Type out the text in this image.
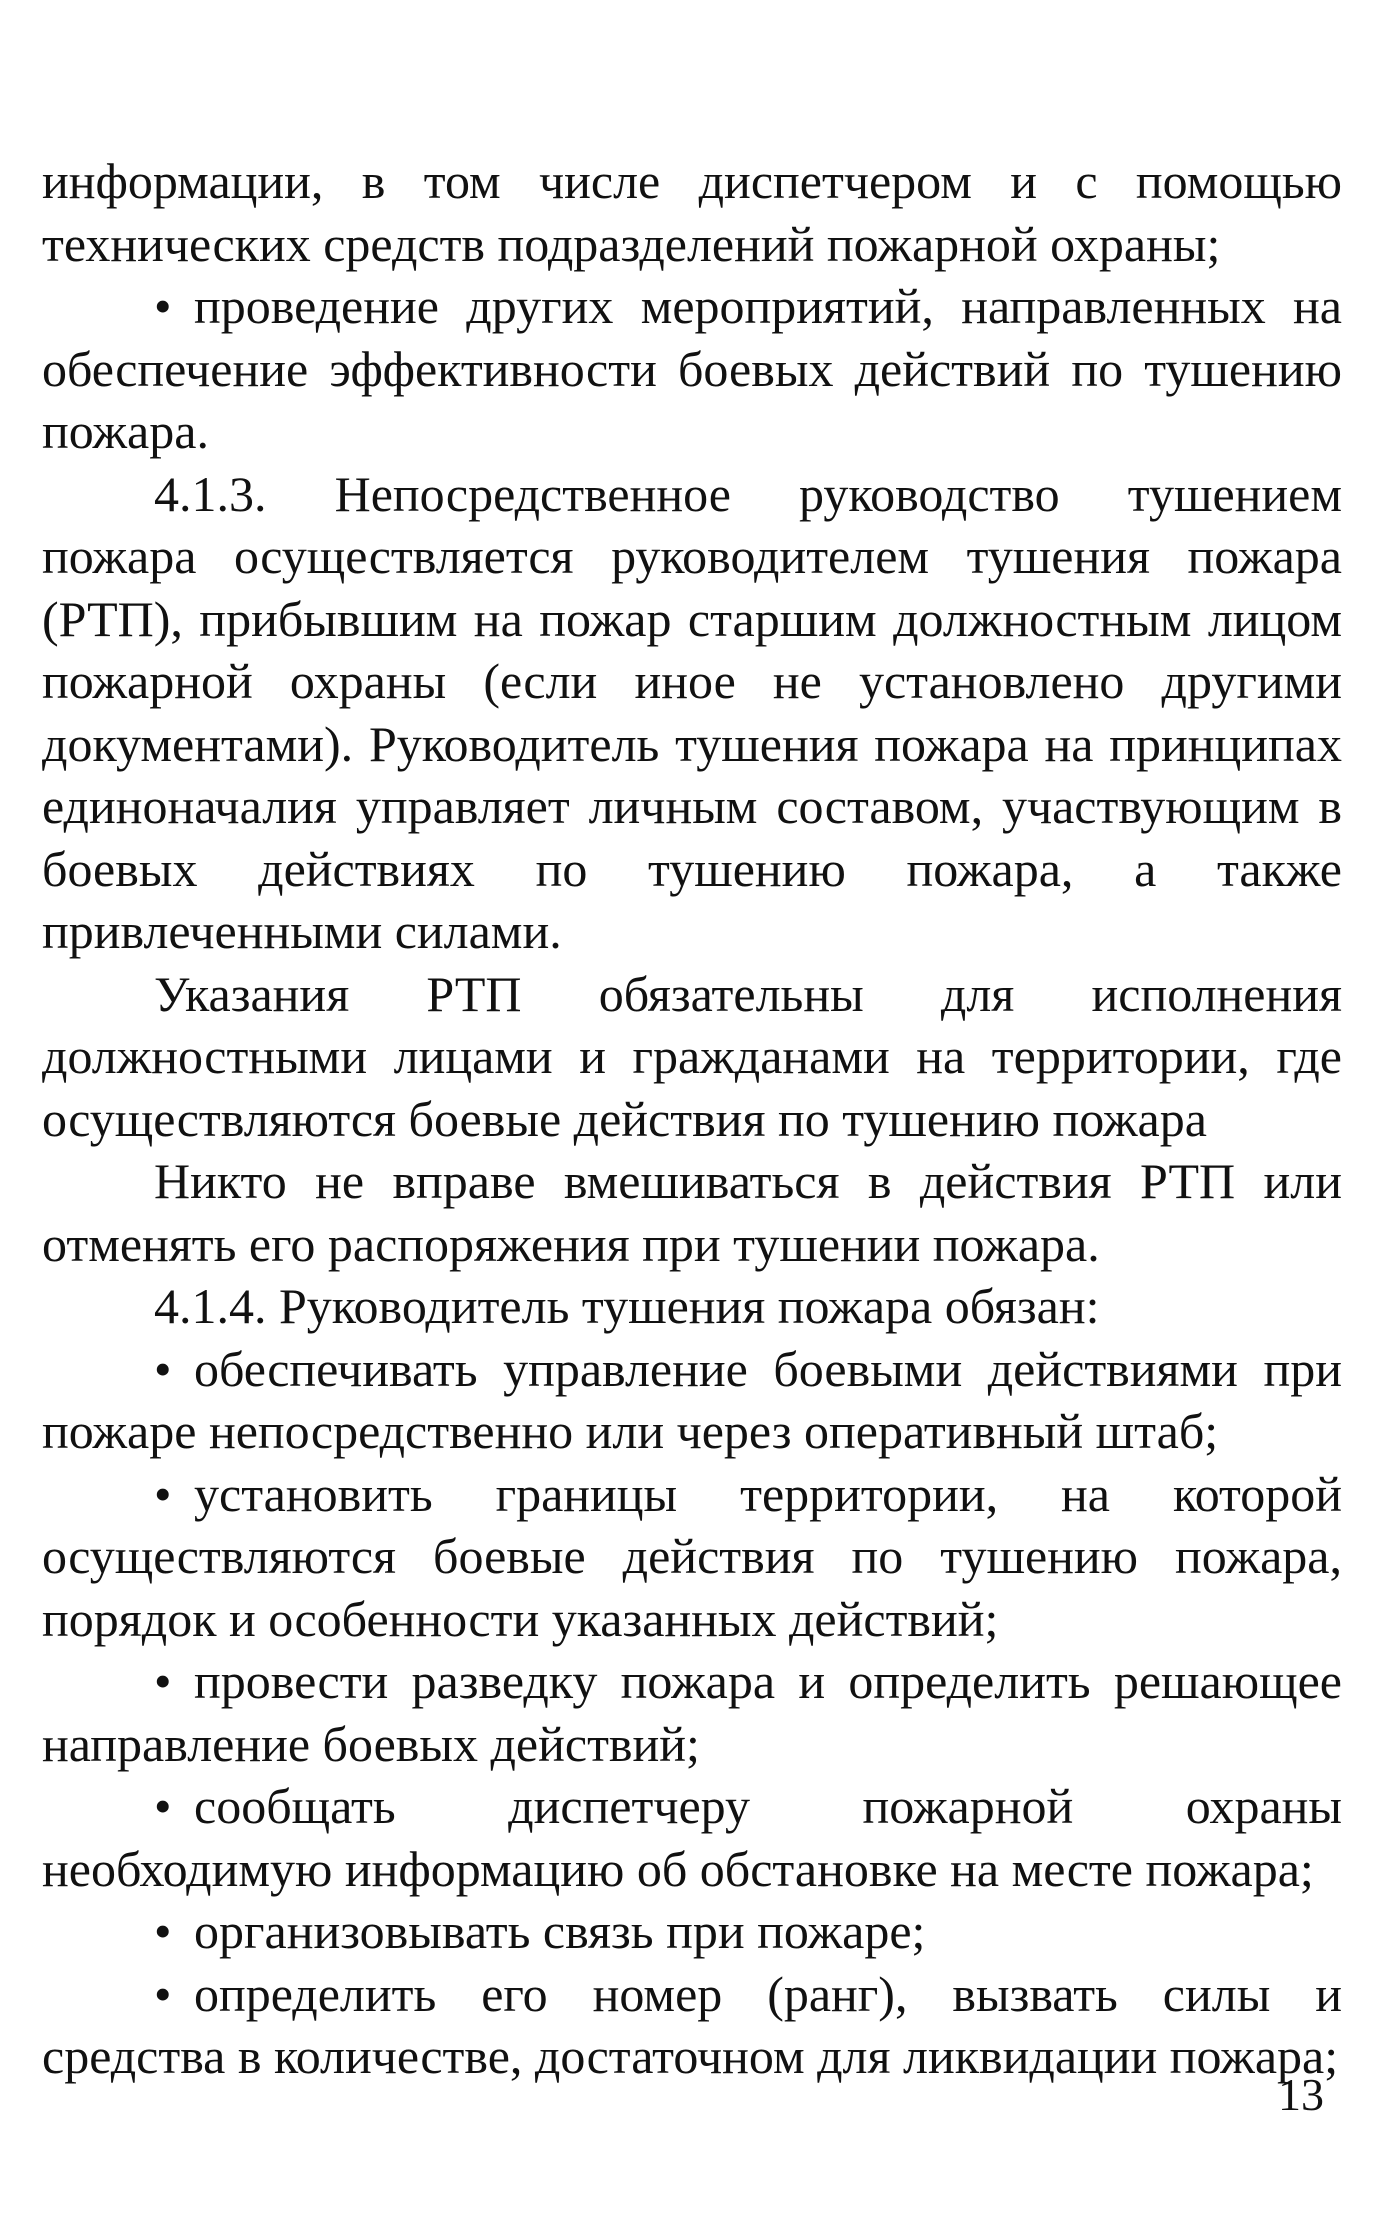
информации, в том числе диспетчером и с помощью технических средств подразделений пожарной охраны;

• проведение других мероприятий, направленных на обеспечение эффективности боевых действий по тушению пожара.

4.1.3. Непосредственное руководство тушением пожара осуществляется руководителем тушения пожара (РТП), прибывшим на пожар старшим должностным лицом пожарной охраны (если иное не установлено другими документами). Руководитель тушения пожара на принципах единоначалия управляет личным составом, участвующим в боевых действиях по тушению пожара, а также привлеченными силами.

Указания РТП обязательны для исполнения должностными лицами и гражданами на территории, где осуществляются боевые действия по тушению пожара

Никто не вправе вмешиваться в действия РТП или отменять его распоряжения при тушении пожара.

4.1.4. Руководитель тушения пожара обязан:

• обеспечивать управление боевыми действиями при пожаре непосредственно или через оперативный штаб;

• установить границы территории, на которой осуществляются боевые действия по тушению пожара, порядок и особенности указанных действий;

• провести разведку пожара и определить решающее направление боевых действий;

• сообщать диспетчеру пожарной охраны необходимую информацию об обстановке на месте пожара;

• организовывать связь при пожаре;

• определить его номер (ранг), вызвать силы и средства в количестве, достаточном для ликвидации пожара;

13
